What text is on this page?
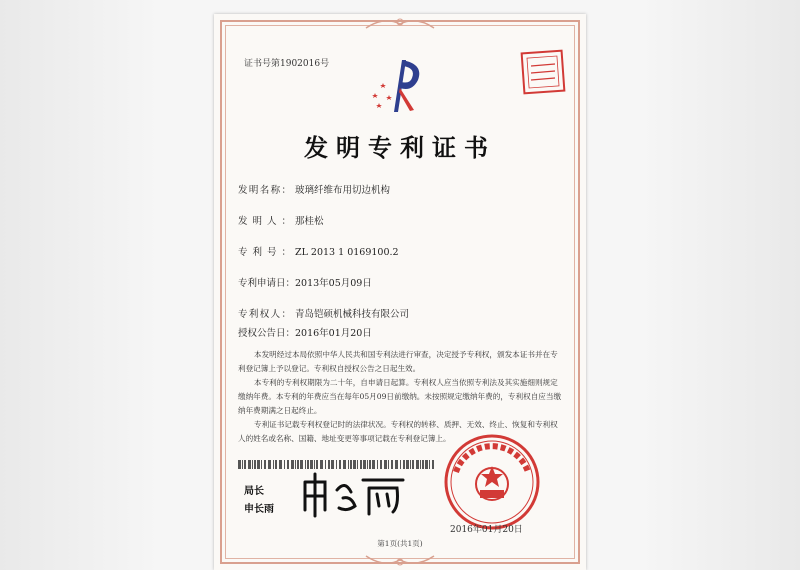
证书号第1902016号
发明专利证书
发明名称： 玻璃纤维布用切边机构
发明人： 那桂松
专利号： ZL 2013 1 0169100.2
专利申请日：2013年05月09日
专利权人： 青岛铠硕机械科技有限公司
授权公告日：2016年01月20日

本发明经过本局依照中华人民共和国专利法进行审查，决定授予专利权，颁发本证书并在专利登记簿上予以登记。专利权自授权公告之日起生效。

本专利的专利权期限为二十年，自申请日起算。专利权人应当依照专利法及其实施细则规定缴纳年费。本专利的年费应当在每年05月09日前缴纳。未按照规定缴纳年费的，专利权自应当缴纳年费期满之日起终止。

专利证书记载专利权登记时的法律状况。专利权的转移、质押、无效、终止、恢复和专利权人的姓名或名称、国籍、地址变更等事项记载在专利登记簿上。

局长
申长雨
2016年01月20日
第1页(共1页)
